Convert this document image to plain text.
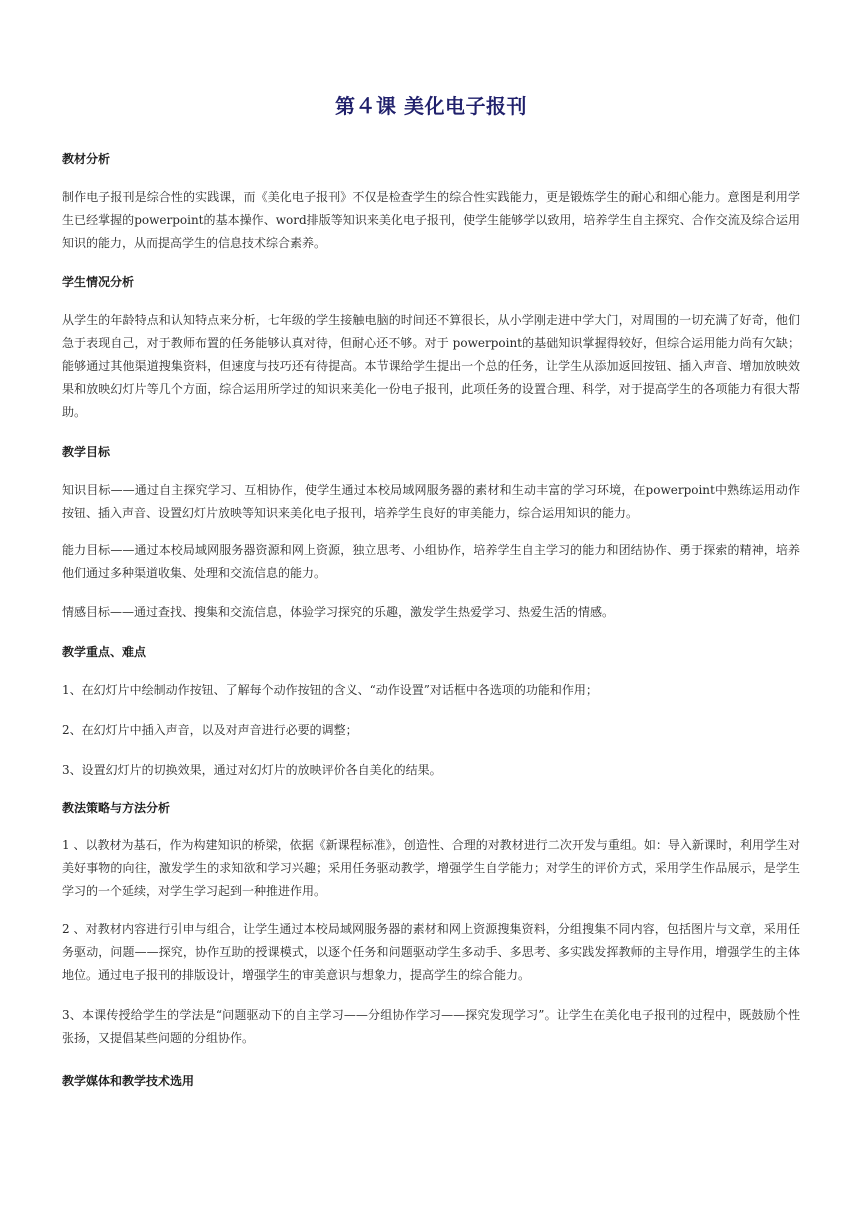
第４课 美化电子报刊
教材分析

制作电子报刊是综合性的实践课，而《美化电子报刊》不仅是检查学生的综合性实践能力，更是锻炼学生的耐心和细心能力。意图是利用学生已经掌握的powerpoint的基本操作、word排版等知识来美化电子报刊，使学生能够学以致用，培养学生自主探究、合作交流及综合运用知识的能力，从而提高学生的信息技术综合素养。

学生情况分析

从学生的年龄特点和认知特点来分析，七年级的学生接触电脑的时间还不算很长，从小学刚走进中学大门，对周围的一切充满了好奇，他们急于表现自己，对于教师布置的任务能够认真对待，但耐心还不够。对于 powerpoint的基础知识掌握得较好，但综合运用能力尚有欠缺；能够通过其他渠道搜集资料，但速度与技巧还有待提高。本节课给学生提出一个总的任务，让学生从添加返回按钮、插入声音、增加放映效果和放映幻灯片等几个方面，综合运用所学过的知识来美化一份电子报刊，此项任务的设置合理、科学，对于提高学生的各项能力有很大帮助。

教学目标

知识目标——通过自主探究学习、互相协作，使学生通过本校局域网服务器的素材和生动丰富的学习环境，在powerpoint中熟练运用动作按钮、插入声音、设置幻灯片放映等知识来美化电子报刊，培养学生良好的审美能力，综合运用知识的能力。

能力目标——通过本校局域网服务器资源和网上资源，独立思考、小组协作，培养学生自主学习的能力和团结协作、勇于探索的精神，培养他们通过多种渠道收集、处理和交流信息的能力。

情感目标——通过查找、搜集和交流信息，体验学习探究的乐趣，激发学生热爱学习、热爱生活的情感。

教学重点、难点

1、在幻灯片中绘制动作按钮、了解每个动作按钮的含义、“动作设置”对话框中各选项的功能和作用；

2、在幻灯片中插入声音，以及对声音进行必要的调整；

3、设置幻灯片的切换效果，通过对幻灯片的放映评价各自美化的结果。

教法策略与方法分析

1 、以教材为基石，作为构建知识的桥梁，依据《新课程标准》，创造性、合理的对教材进行二次开发与重组。如：导入新课时，利用学生对美好事物的向往，激发学生的求知欲和学习兴趣；采用任务驱动教学，增强学生自学能力；对学生的评价方式，采用学生作品展示，是学生学习的一个延续，对学生学习起到一种推进作用。

2 、对教材内容进行引申与组合，让学生通过本校局域网服务器的素材和网上资源搜集资料，分组搜集不同内容，包括图片与文章，采用任务驱动，问题——探究，协作互助的授课模式，以逐个任务和问题驱动学生多动手、多思考、多实践发挥教师的主导作用，增强学生的主体地位。通过电子报刊的排版设计，增强学生的审美意识与想象力，提高学生的综合能力。

3、本课传授给学生的学法是“问题驱动下的自主学习——分组协作学习——探究发现学习”。让学生在美化电子报刊的过程中，既鼓励个性张扬，又提倡某些问题的分组协作。

教学媒体和教学技术选用
